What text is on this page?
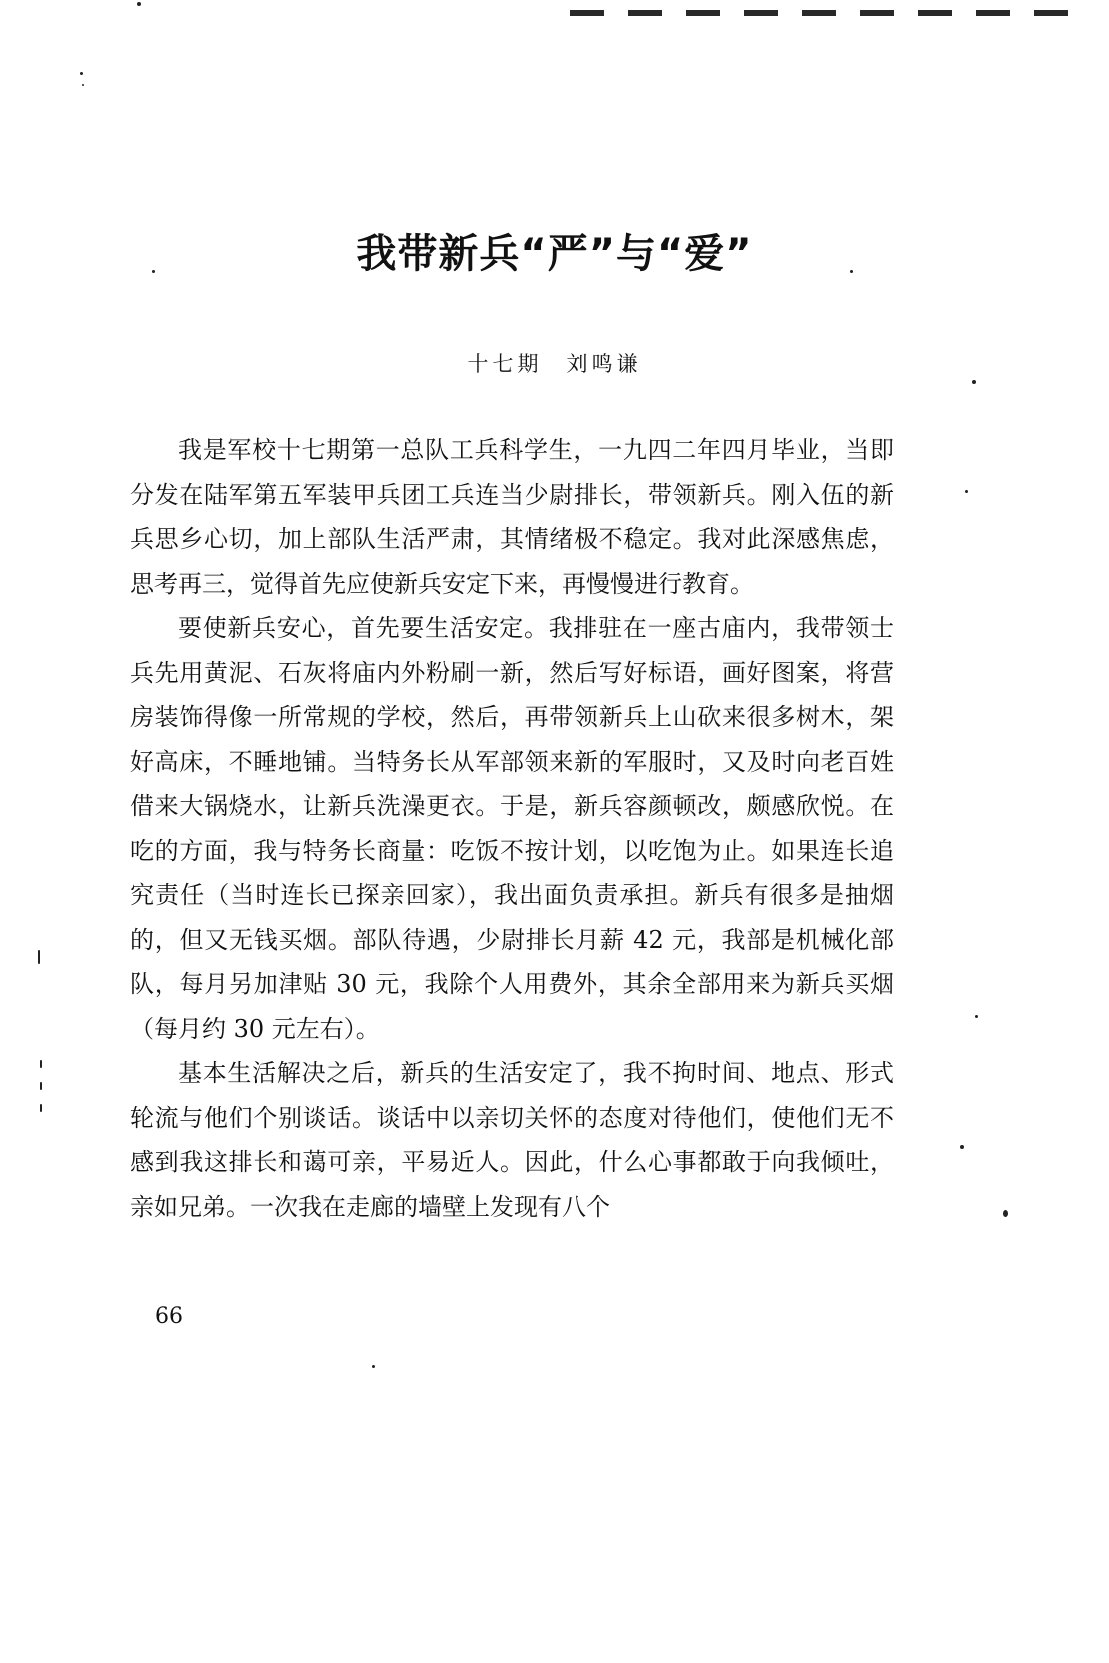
我带新兵“严”与“爱”
十七期 刘鸣谦

我是军校十七期第一总队工兵科学生，一九四二年四月毕业，当即分发在陆军第五军装甲兵团工兵连当少尉排长，带领新兵。刚入伍的新兵思乡心切，加上部队生活严肃，其情绪极不稳定。我对此深感焦虑，思考再三，觉得首先应使新兵安定下来，再慢慢进行教育。

要使新兵安心，首先要生活安定。我排驻在一座古庙内，我带领士兵先用黄泥、石灰将庙内外粉刷一新，然后写好标语，画好图案，将营房装饰得像一所常规的学校，然后，再带领新兵上山砍来很多树木，架好高床，不睡地铺。当特务长从军部领来新的军服时，又及时向老百姓借来大锅烧水，让新兵洗澡更衣。于是，新兵容颜顿改，颇感欣悦。在吃的方面，我与特务长商量：吃饭不按计划，以吃饱为止。如果连长追究责任（当时连长已探亲回家），我出面负责承担。新兵有很多是抽烟的，但又无钱买烟。部队待遇，少尉排长月薪 42 元，我部是机械化部队，每月另加津贴 30 元，我除个人用费外，其余全部用来为新兵买烟（每月约 30 元左右）。

基本生活解决之后，新兵的生活安定了，我不拘时间、地点、形式轮流与他们个别谈话。谈话中以亲切关怀的态度对待他们，使他们无不感到我这排长和蔼可亲，平易近人。因此，什么心事都敢于向我倾吐，亲如兄弟。一次我在走廊的墙壁上发现有八个

66
